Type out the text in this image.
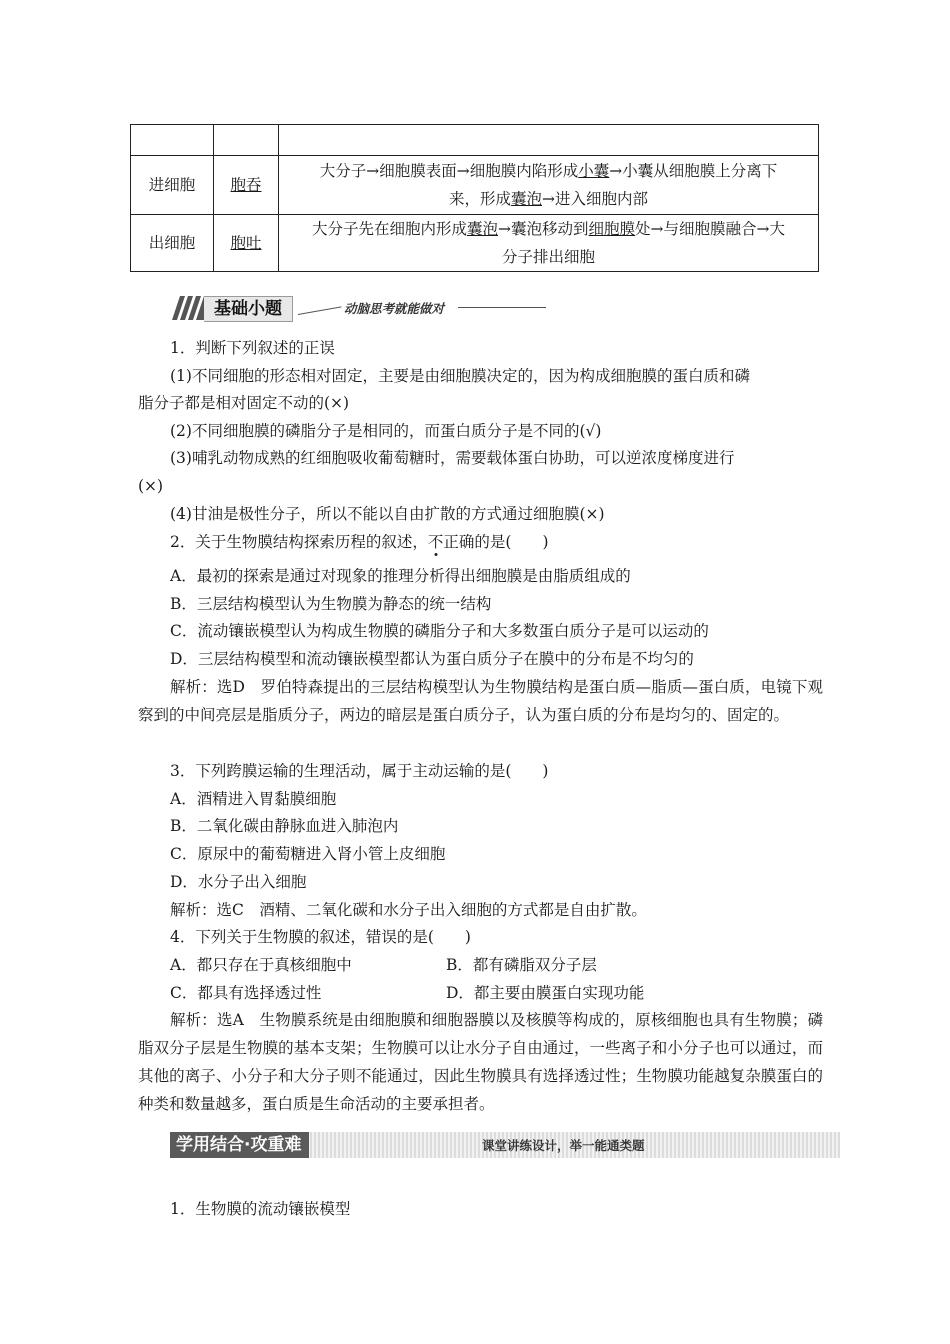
进细胞	胞吞	大分子→细胞膜表面→细胞膜内陷形成小囊→小囊从细胞膜上分离下
来，形成囊泡→进入细胞内部

出细胞	胞吐	大分子先在细胞内形成囊泡→囊泡移动到细胞膜处→与细胞膜融合→大
分子排出细胞
基础小题	动脑思考就能做对
1．判断下列叙述的正误
(1)不同细胞的形态相对固定，主要是由细胞膜决定的，因为构成细胞膜的蛋白质和磷
脂分子都是相对固定不动的(×)
(2)不同细胞膜的磷脂分子是相同的，而蛋白质分子是不同的(√)
(3)哺乳动物成熟的红细胞吸收葡萄糖时，需要载体蛋白协助，可以逆浓度梯度进行
(×)
(4)甘油是极性分子，所以不能以自由扩散的方式通过细胞膜(×)
2．关于生物膜结构探索历程的叙述，不正确的是(　　)
A．最初的探索是通过对现象的推理分析得出细胞膜是由脂质组成的
B．三层结构模型认为生物膜为静态的统一结构
C．流动镶嵌模型认为构成生物膜的磷脂分子和大多数蛋白质分子是可以运动的
D．三层结构模型和流动镶嵌模型都认为蛋白质分子在膜中的分布是不均匀的
解析：选D　罗伯特森提出的三层结构模型认为生物膜结构是蛋白质—脂质—蛋白质，电镜下观察到的中间亮层是脂质分子，两边的暗层是蛋白质分子，认为蛋白质的分布是均匀的、固定的。
3．下列跨膜运输的生理活动，属于主动运输的是(　　)
A．酒精进入胃黏膜细胞
B．二氧化碳由静脉血进入肺泡内
C．原尿中的葡萄糖进入肾小管上皮细胞
D．水分子出入细胞
解析：选C　酒精、二氧化碳和水分子出入细胞的方式都是自由扩散。
4．下列关于生物膜的叙述，错误的是(　　)
A．都只存在于真核细胞中	B．都有磷脂双分子层
C．都具有选择透过性	D．都主要由膜蛋白实现功能
解析：选A　生物膜系统是由细胞膜和细胞器膜以及核膜等构成的，原核细胞也具有生物膜；磷脂双分子层是生物膜的基本支架；生物膜可以让水分子自由通过，一些离子和小分子也可以通过，而其他的离子、小分子和大分子则不能通过，因此生物膜具有选择透过性；生物膜功能越复杂膜蛋白的种类和数量越多，蛋白质是生命活动的主要承担者。
学用结合·攻重难	课堂讲练设计，举一能通类题
1．生物膜的流动镶嵌模型
